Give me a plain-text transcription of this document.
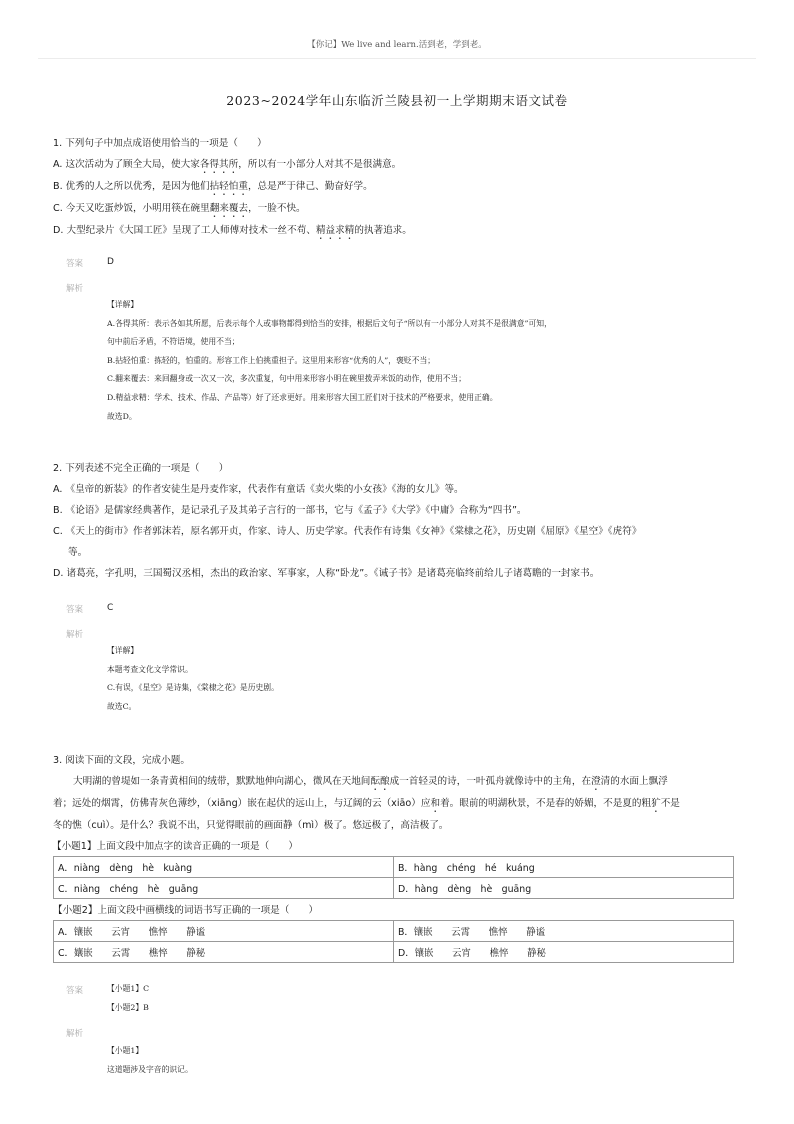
【你记】We live and learn.活到老，学到老。
2023~2024学年山东临沂兰陵县初一上学期期末语文试卷

1. 下列句子中加点成语使用恰当的一项是（　　）

A. 这次活动为了顾全大局，使大家各得其所，所以有一小部分人对其不是很满意。

B. 优秀的人之所以优秀，是因为他们拈轻怕重，总是严于律己、勤奋好学。

C. 今天又吃蛋炒饭，小明用筷在碗里翻来覆去，一脸不快。

D. 大型纪录片《大国工匠》呈现了工人师傅对技术一丝不苟、精益求精的执著追求。

答案	D
解析

【详解】

A.各得其所：表示各如其所愿，后表示每个人或事物都得到恰当的安排，根据后文句子“所以有一小部分人对其不是很满意”可知，

句中前后矛盾，不符语境，使用不当；

B.拈轻怕重：拣轻的，怕重的。形容工作上伯挑重担子。这里用来形容“优秀的人”，褒贬不当；

C.翻来覆去：来回翻身或一次又一次，多次重复，句中用来形容小明在碗里拨弄米饭的动作，使用不当；

D.精益求精：学术、技术、作品、产品等）好了还求更好。用来形容大国工匠们对于技术的严格要求，使用正确。

故选D。

2. 下列表述不完全正确的一项是（　　）

A. 《皇帝的新装》的作者安徒生是丹麦作家，代表作有童话《卖火柴的小女孩》《海的女儿》等。

B. 《论语》是儒家经典著作，是记录孔子及其弟子言行的一部书，它与《孟子》《大学》《中庸》合称为“四书”。

C. 《天上的街市》作者郭沫若，原名郭开贞，作家、诗人、历史学家。代表作有诗集《女神》《棠棣之花》，历史剧《屈原》《星空》《虎符》

等。

D. 诸葛亮，字孔明，三国蜀汉丞相，杰出的政治家、军事家，人称“卧龙”。《诫子书》是诸葛亮临终前给儿子诸葛瞻的一封家书。

答案	C
解析

【详解】

本题考查文化文学常识。

C.有误，《星空》是诗集，《棠棣之花》是历史剧。

故选C。

3. 阅读下面的文段，完成小题。

大明湖的曾堤如一条青黄相间的绒带，默默地伸向湖心，微风在天地间酝酿成一首轻灵的诗，一叶孤舟就像诗中的主角，在澄清的水面上飘浮

着；远处的烟霄，仿佛青灰色薄纱，（xiāng）嵌在起伏的远山上，与辽阔的云（xiāo）应和着。眼前的明湖秋景，不是春的娇媚，不是夏的粗犷不是

冬的憔（cuì）。是什么？我说不出，只觉得眼前的画面静（mì）极了。悠远极了，高洁极了。

【小题1】上面文段中加点字的读音正确的一项是（　　）

A．niàng　dèng　hè　kuàng	B．hàng　chéng　hé　kuáng
C．niàng　chéng　hè　guāng	D．hàng　dèng　hè　guāng

【小题2】上面文段中画横线的词语书写正确的一项是（　　）

A．镶嵌　　云宵　　憔悴　　静谧	B．镶嵌　　云霄　　憔悴　　静谧
C．孃嵌　　云霄　　樵悴　　静秘	D．镶嵌　　云宵　　樵悴　　静秘
答案	【小题1】C

【小题2】B

解析

【小题1】

这道题涉及字音的识记。
